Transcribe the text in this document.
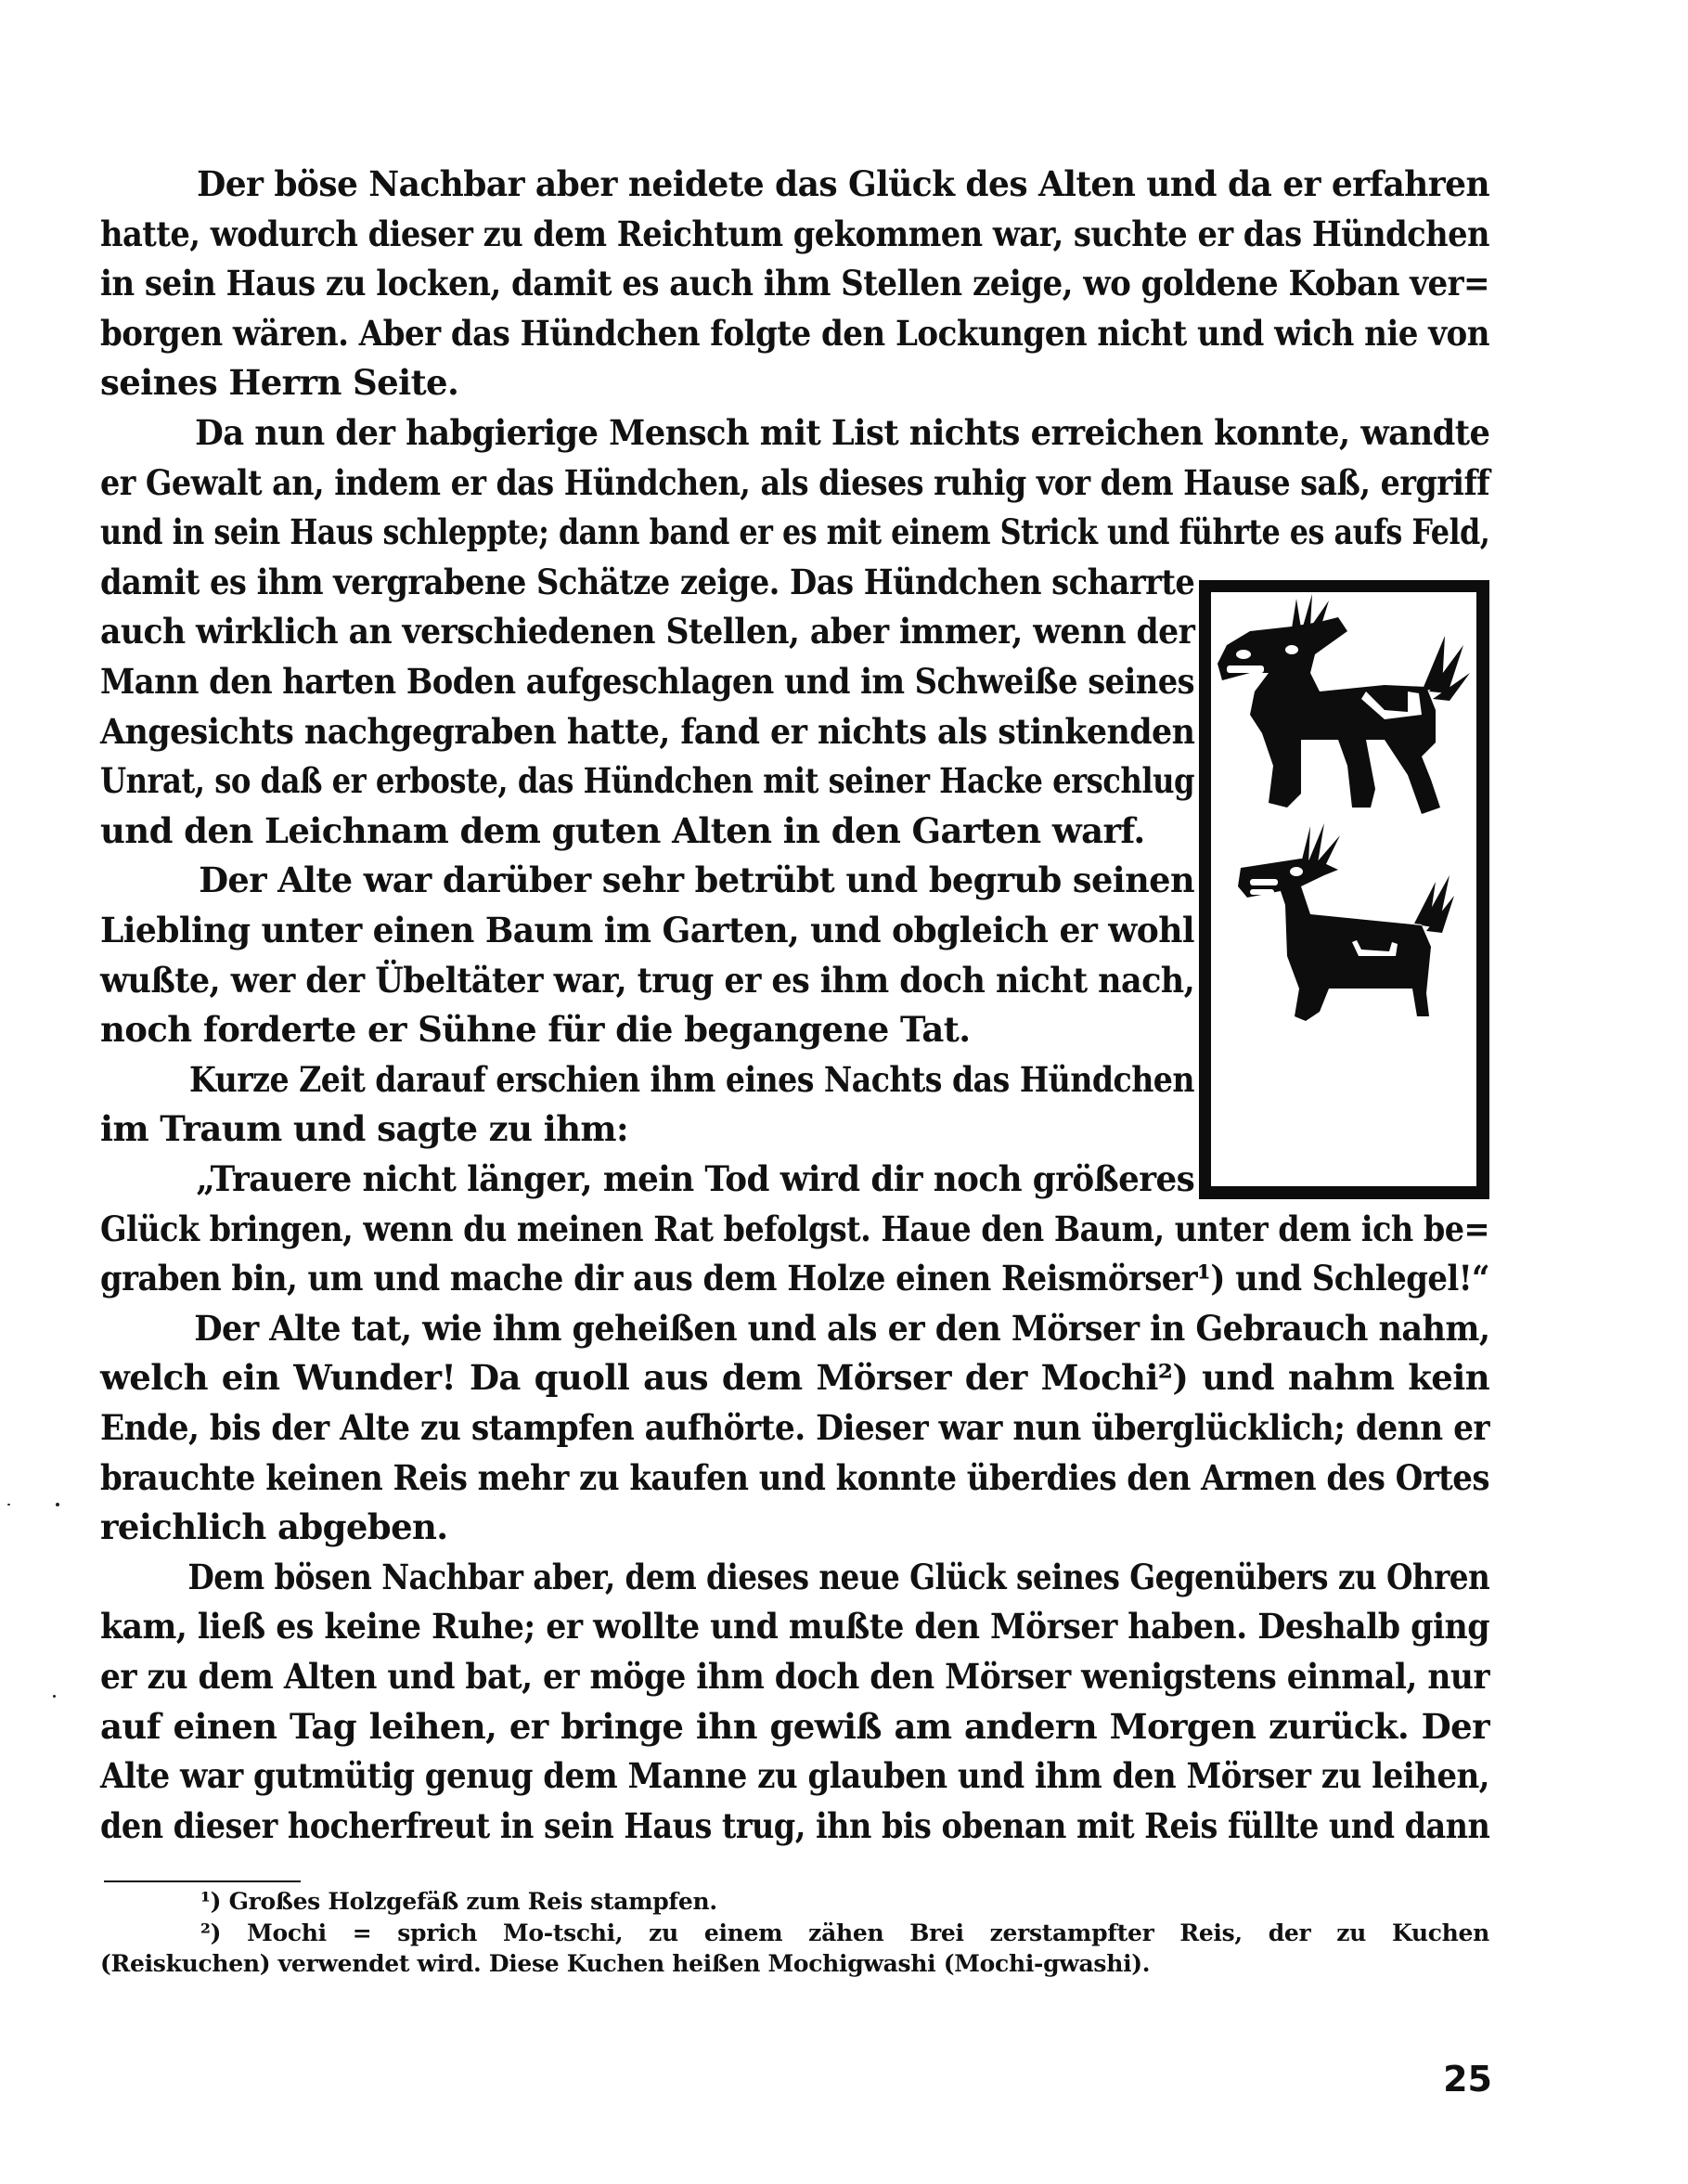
Der böse Nachbar aber neidete das Glück des Alten und da er erfahren
hatte, wodurch dieser zu dem Reichtum gekommen war, suchte er das Hündchen
in sein Haus zu locken, damit es auch ihm Stellen zeige, wo goldene Koban ver=
borgen wären. Aber das Hündchen folgte den Lockungen nicht und wich nie von
seines Herrn Seite.
Da nun der habgierige Mensch mit List nichts erreichen konnte, wandte
er Gewalt an, indem er das Hündchen, als dieses ruhig vor dem Hause saß, ergriff
und in sein Haus schleppte; dann band er es mit einem Strick und führte es aufs Feld,
damit es ihm vergrabene Schätze zeige. Das Hündchen scharrte
auch wirklich an verschiedenen Stellen, aber immer, wenn der
Mann den harten Boden aufgeschlagen und im Schweiße seines
Angesichts nachgegraben hatte, fand er nichts als stinkenden
Unrat, so daß er erboste, das Hündchen mit seiner Hacke erschlug
und den Leichnam dem guten Alten in den Garten warf.
Der Alte war darüber sehr betrübt und begrub seinen
Liebling unter einen Baum im Garten, und obgleich er wohl
wußte, wer der Übeltäter war, trug er es ihm doch nicht nach,
noch forderte er Sühne für die begangene Tat.
Kurze Zeit darauf erschien ihm eines Nachts das Hündchen
im Traum und sagte zu ihm:
„Trauere nicht länger, mein Tod wird dir noch größeres
Glück bringen, wenn du meinen Rat befolgst. Haue den Baum, unter dem ich be=
graben bin, um und mache dir aus dem Holze einen Reismörser¹) und Schlegel!“
Der Alte tat, wie ihm geheißen und als er den Mörser in Gebrauch nahm,
welch ein Wunder! Da quoll aus dem Mörser der Mochi²) und nahm kein
Ende, bis der Alte zu stampfen aufhörte. Dieser war nun überglücklich; denn er
brauchte keinen Reis mehr zu kaufen und konnte überdies den Armen des Ortes
reichlich abgeben.
Dem bösen Nachbar aber, dem dieses neue Glück seines Gegenübers zu Ohren
kam, ließ es keine Ruhe; er wollte und mußte den Mörser haben. Deshalb ging
er zu dem Alten und bat, er möge ihm doch den Mörser wenigstens einmal, nur
auf einen Tag leihen, er bringe ihn gewiß am andern Morgen zurück. Der
Alte war gutmütig genug dem Manne zu glauben und ihm den Mörser zu leihen,
den dieser hocherfreut in sein Haus trug, ihn bis obenan mit Reis füllte und dann
¹) Großes Holzgefäß zum Reis stampfen.
²) Mochi = sprich Mo-tschi, zu einem zähen Brei zerstampfter Reis, der zu Kuchen
(Reiskuchen) verwendet wird. Diese Kuchen heißen Mochigwashi (Mochi-gwashi).
25
